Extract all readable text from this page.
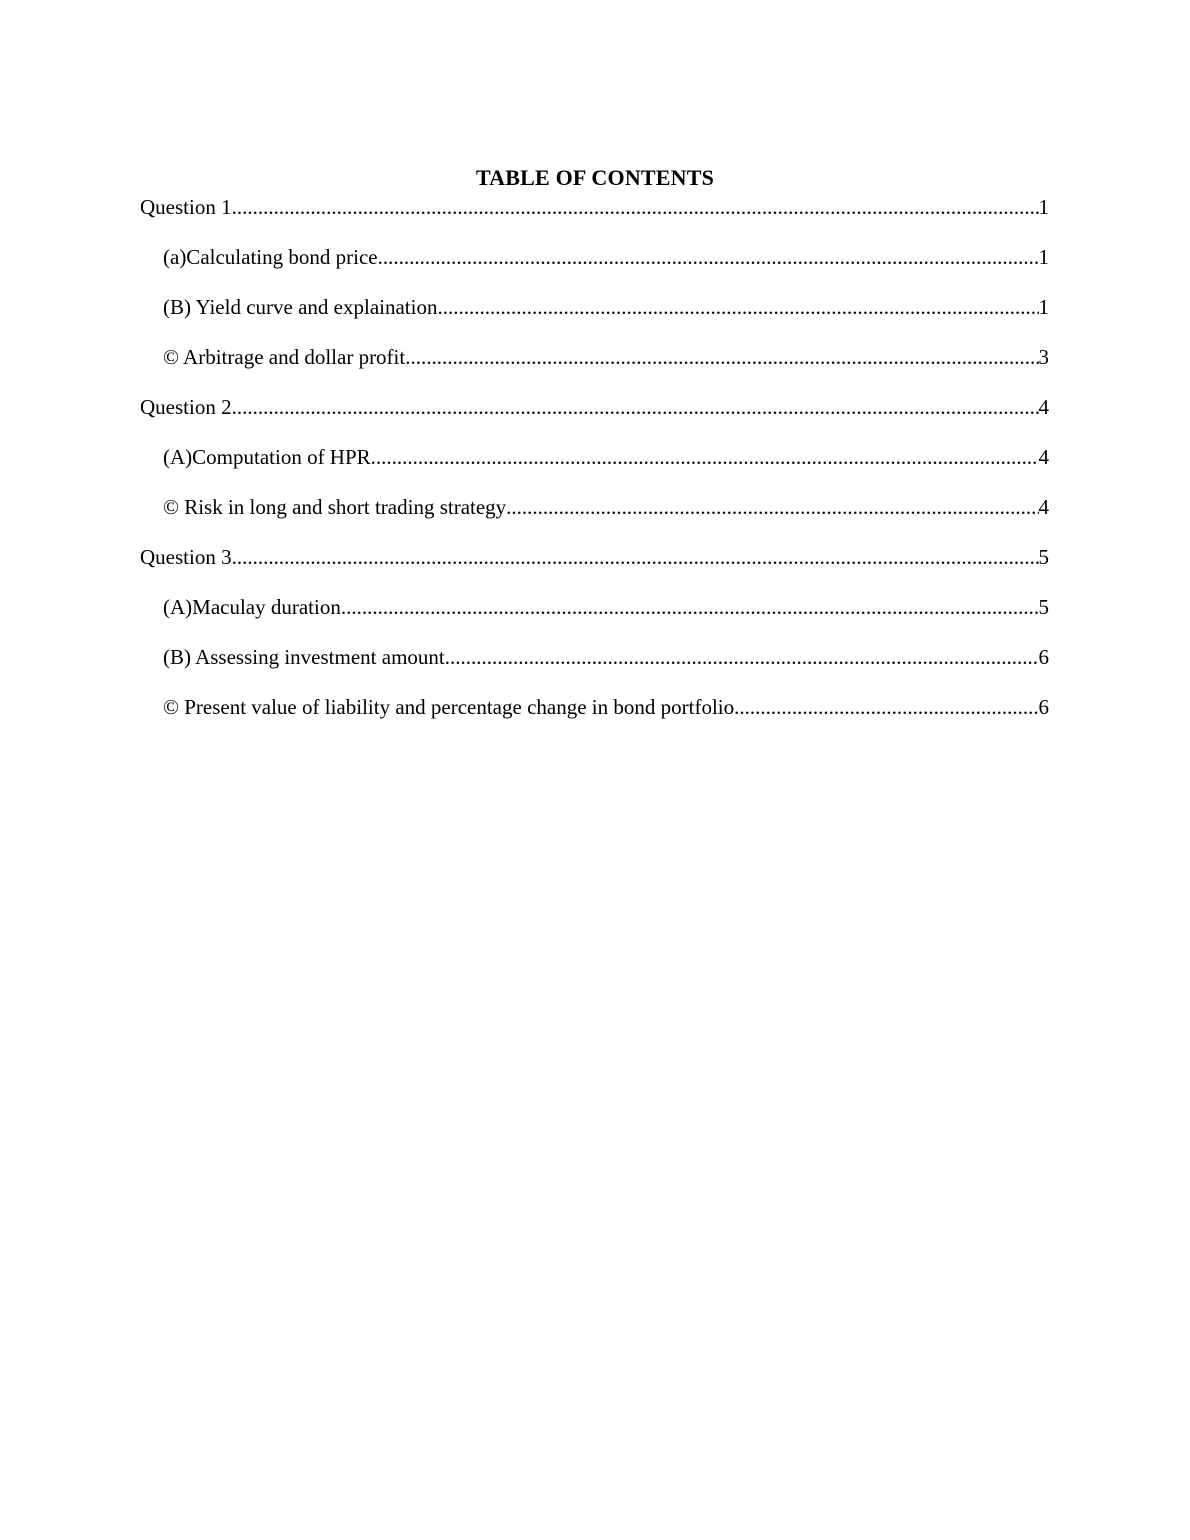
TABLE OF CONTENTS
Question 1 .....	1
(a)Calculating bond price .....	1
(B) Yield curve and explaination .....	1
© Arbitrage and dollar profit .....	3
Question 2 .....	4
(A)Computation of HPR .....	4
© Risk in long and short trading strategy .....	4
Question 3 .....	5
(A)Maculay duration .....	5
(B) Assessing investment amount .....	6
© Present value of liability and percentage change in bond portfolio .....	6
